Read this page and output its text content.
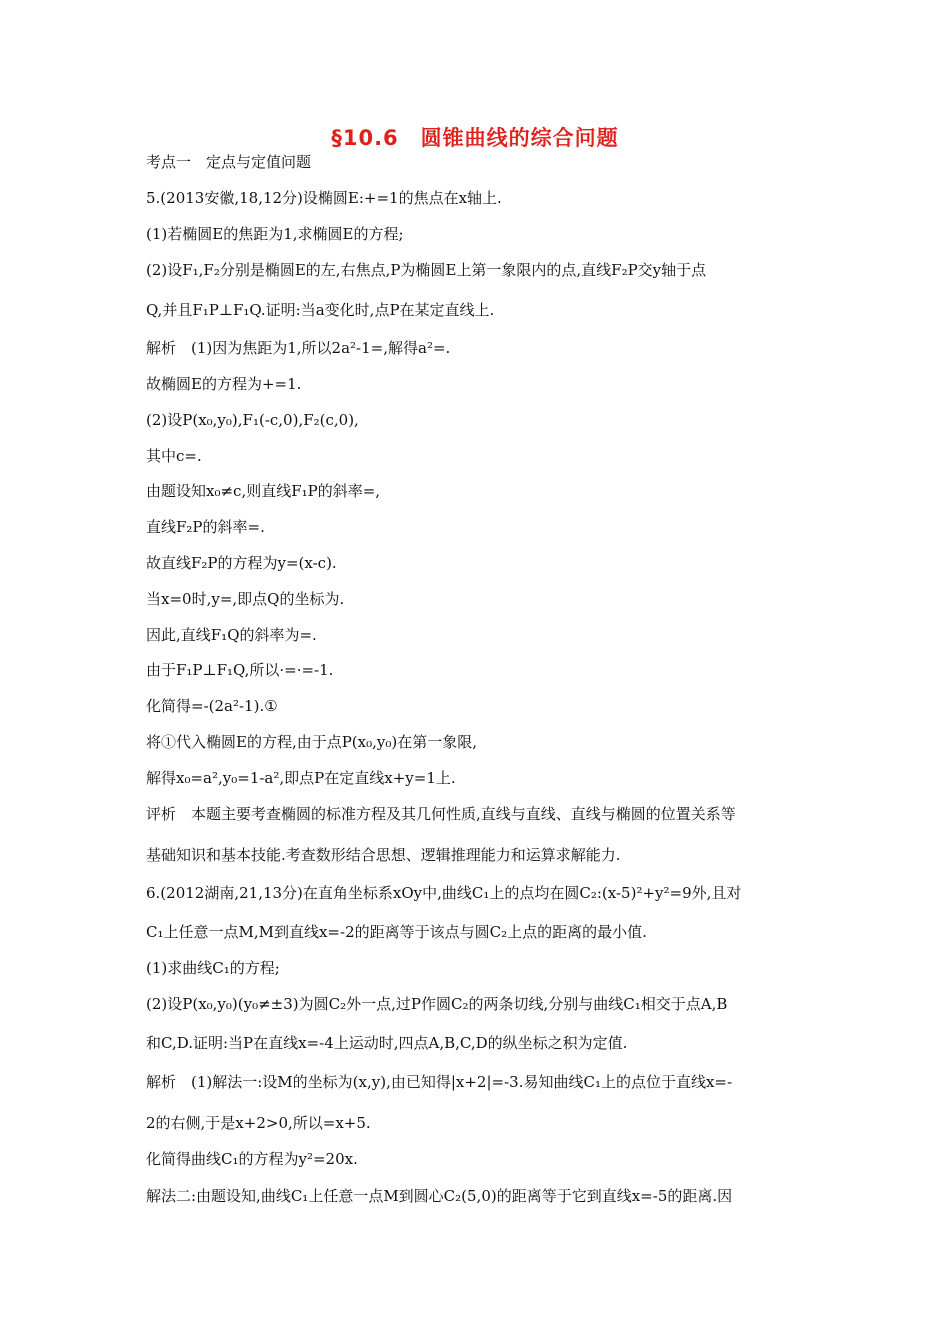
§10.6　圆锥曲线的综合问题
考点一　定点与定值问题
5.(2013安徽,18,12分)设椭圆E:+=1的焦点在x轴上.
(1)若椭圆E的焦距为1,求椭圆E的方程;
(2)设F₁,F₂分别是椭圆E的左,右焦点,P为椭圆E上第一象限内的点,直线F₂P交y轴于点
Q,并且F₁P⊥F₁Q.证明:当a变化时,点P在某定直线上.
解析　(1)因为焦距为1,所以2a²-1=,解得a²=.
故椭圆E的方程为+=1.
(2)设P(x₀,y₀),F₁(-c,0),F₂(c,0),
其中c=.
由题设知x₀≠c,则直线F₁P的斜率=,
直线F₂P的斜率=.
故直线F₂P的方程为y=(x-c).
当x=0时,y=,即点Q的坐标为.
因此,直线F₁Q的斜率为=.
由于F₁P⊥F₁Q,所以·=·=-1.
化简得=-(2a²-1).①
将①代入椭圆E的方程,由于点P(x₀,y₀)在第一象限,
解得x₀=a²,y₀=1-a²,即点P在定直线x+y=1上.
评析　本题主要考查椭圆的标准方程及其几何性质,直线与直线、直线与椭圆的位置关系等
基础知识和基本技能.考查数形结合思想、逻辑推理能力和运算求解能力.
6.(2012湖南,21,13分)在直角坐标系xOy中,曲线C₁上的点均在圆C₂:(x-5)²+y²=9外,且对
C₁上任意一点M,M到直线x=-2的距离等于该点与圆C₂上点的距离的最小值.
(1)求曲线C₁的方程;
(2)设P(x₀,y₀)(y₀≠±3)为圆C₂外一点,过P作圆C₂的两条切线,分别与曲线C₁相交于点A,B
和C,D.证明:当P在直线x=-4上运动时,四点A,B,C,D的纵坐标之积为定值.
解析　(1)解法一:设M的坐标为(x,y),由已知得|x+2|=-3.易知曲线C₁上的点位于直线x=-
2的右侧,于是x+2>0,所以=x+5.
化简得曲线C₁的方程为y²=20x.
解法二:由题设知,曲线C₁上任意一点M到圆心C₂(5,0)的距离等于它到直线x=-5的距离.因
